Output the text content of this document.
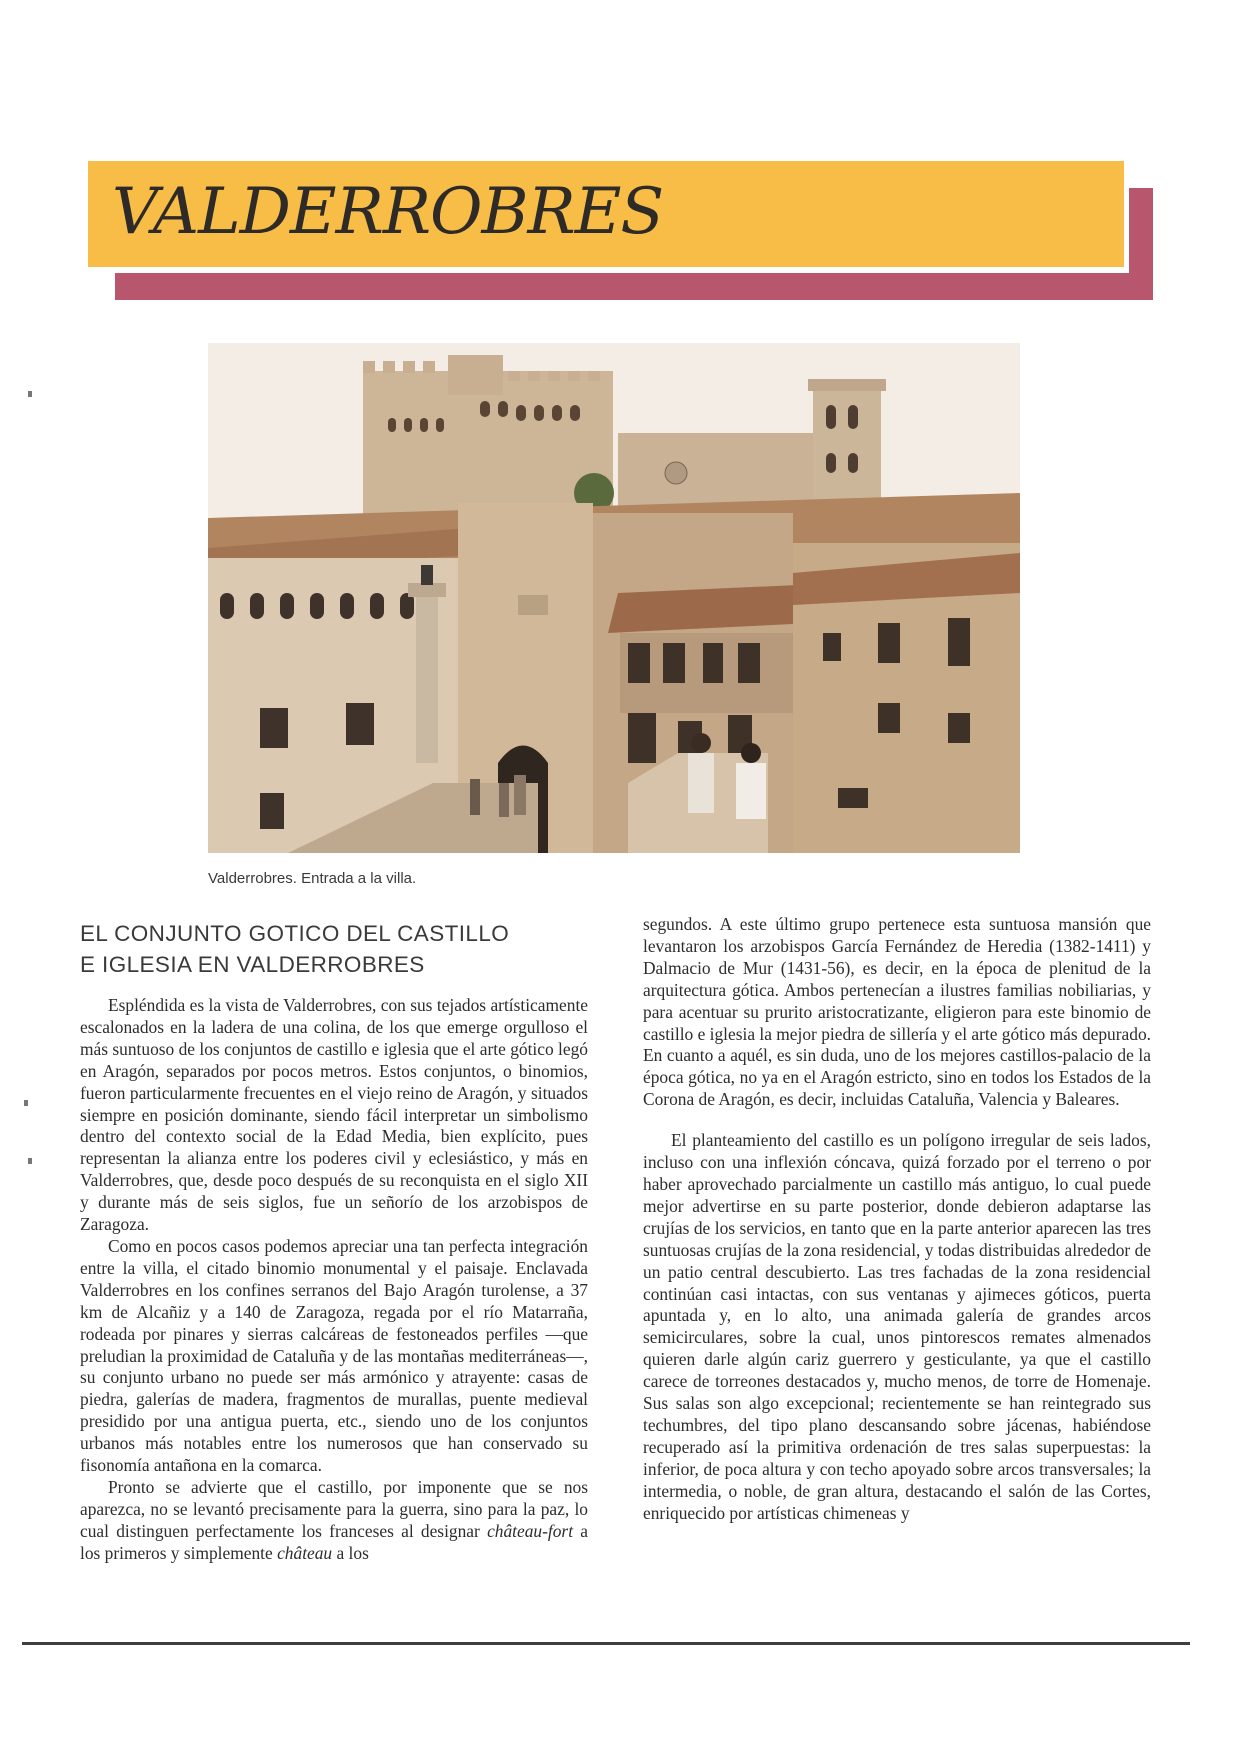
VALDERROBRES
Valderrobres. Entrada a la villa.
EL CONJUNTO GOTICO DEL CASTILLO
E IGLESIA EN VALDERROBRES

Espléndida es la vista de Valderrobres, con sus tejados artísticamente escalonados en la ladera de una colina, de los que emerge orgulloso el más suntuoso de los conjuntos de castillo e iglesia que el arte gótico legó en Aragón, separados por pocos metros. Estos conjuntos, o binomios, fueron particularmente frecuentes en el viejo reino de Aragón, y situados siempre en posición dominante, siendo fácil interpretar un simbolismo dentro del contexto social de la Edad Media, bien explícito, pues representan la alianza entre los poderes civil y eclesiástico, y más en Valderrobres, que, desde poco después de su reconquista en el siglo XII y durante más de seis siglos, fue un señorío de los arzobispos de Zaragoza.

Como en pocos casos podemos apreciar una tan perfecta integración entre la villa, el citado binomio monumental y el paisaje. Enclavada Valderrobres en los confines serranos del Bajo Aragón turolense, a 37 km de Alcañiz y a 140 de Zaragoza, regada por el río Matarraña, rodeada por pinares y sierras calcáreas de festoneados perfiles —que preludian la proximidad de Cataluña y de las montañas mediterráneas—, su conjunto urbano no puede ser más armónico y atrayente: casas de piedra, galerías de madera, fragmentos de murallas, puente medieval presidido por una antigua puerta, etc., siendo uno de los conjuntos urbanos más notables entre los numerosos que han conservado su fisonomía antañona en la comarca.

Pronto se advierte que el castillo, por imponente que se nos aparezca, no se levantó precisamente para la guerra, sino para la paz, lo cual distinguen perfectamente los franceses al designar château-fort a los primeros y simplemente château a los

segundos. A este último grupo pertenece esta suntuosa mansión que levantaron los arzobispos García Fernández de Heredia (1382-1411) y Dalmacio de Mur (1431-56), es decir, en la época de plenitud de la arquitectura gótica. Ambos pertenecían a ilustres familias nobiliarias, y para acentuar su prurito aristocratizante, eligieron para este binomio de castillo e iglesia la mejor piedra de sillería y el arte gótico más depurado. En cuanto a aquél, es sin duda, uno de los mejores castillos-palacio de la época gótica, no ya en el Aragón estricto, sino en todos los Estados de la Corona de Aragón, es decir, incluidas Cataluña, Valencia y Baleares.

El planteamiento del castillo es un polígono irregular de seis lados, incluso con una inflexión cóncava, quizá forzado por el terreno o por haber aprovechado parcialmente un castillo más antiguo, lo cual puede mejor advertirse en su parte posterior, donde debieron adaptarse las crujías de los servicios, en tanto que en la parte anterior aparecen las tres suntuosas crujías de la zona residencial, y todas distribuidas alrededor de un patio central descubierto. Las tres fachadas de la zona residencial continúan casi intactas, con sus ventanas y ajimeces góticos, puerta apuntada y, en lo alto, una animada galería de grandes arcos semicirculares, sobre la cual, unos pintorescos remates almenados quieren darle algún cariz guerrero y gesticulante, ya que el castillo carece de torreones destacados y, mucho menos, de torre de Homenaje. Sus salas son algo excepcional; recientemente se han reintegrado sus techumbres, del tipo plano descansando sobre jácenas, habiéndose recuperado así la primitiva ordenación de tres salas superpuestas: la inferior, de poca altura y con techo apoyado sobre arcos transversales; la intermedia, o noble, de gran altura, destacando el salón de las Cortes, enriquecido por artísticas chimeneas y
